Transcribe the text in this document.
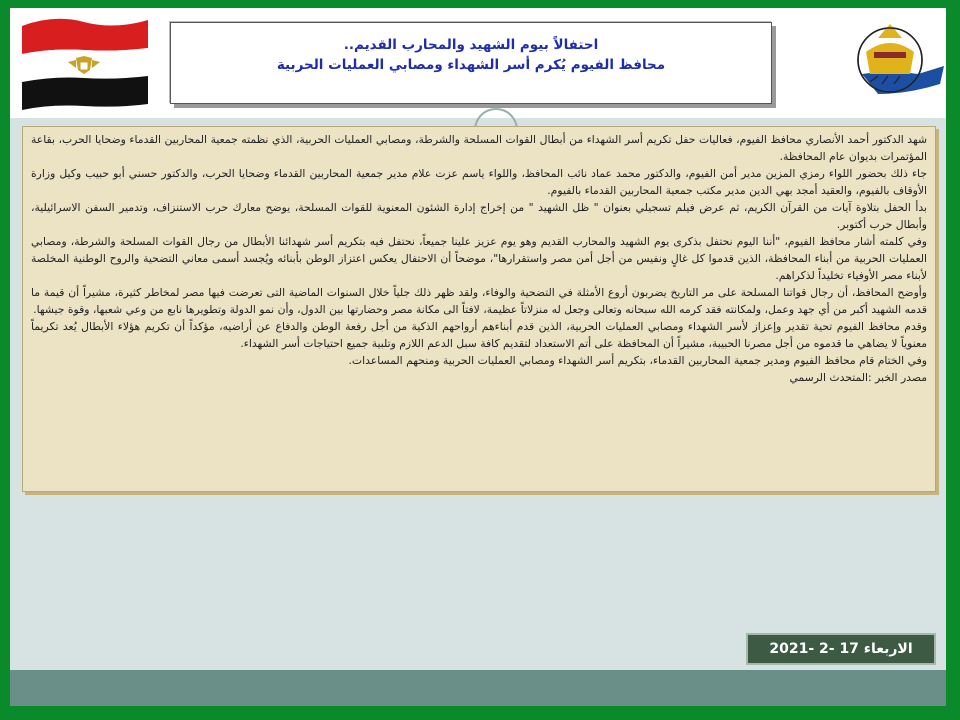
احتفالاً بيوم الشهيد والمحارب القديم..
محافظ الفيوم يُكرم أسر الشهداء ومصابي العمليات الحربية

شهد الدكتور أحمد الأنصاري محافظ الفيوم، فعاليات حفل تكريم أسر الشهداء من أبطال القوات المسلحة والشرطة، ومصابي العمليات الحربية، الذي نظمته جمعية المحاربين القدماء وضحايا الحرب، بقاعة المؤتمرات بديوان عام المحافظة.

جاء ذلك بحضور اللواء رمزي المزين مدير أمن الفيوم، والدكتور محمد عماد نائب المحافظ، واللواء ياسم عزت علام مدير جمعية المحاربين القدماء وضحايا الحرب، والدكتور حسني أبو حبيب وكيل وزارة الأوقاف بالفيوم، والعقيد أمجد بهي الدين مدير مكتب جمعية المحاربين القدماء بالفيوم.

بدأ الحفل بتلاوة آيات من القرآن الكريم، ثم عرض فيلم تسجيلي بعنوان " ظل الشهيد " من إخراج إدارة الشئون المعنوية للقوات المسلحة، يوضح معارك حرب الاستنزاف، وتدمير السفن الاسرائيلية، وأبطال حرب أكتوبر.

وفي كلمته أشار محافظ الفيوم، "أننا اليوم نحتفل بذكرى يوم الشهيد والمحارب القديم وهو يوم عزيز علينا جميعاً، نحتفل فيه بتكريم أسر شهدائنا الأبطال من رجال القوات المسلحة والشرطة، ومصابي العمليات الحربية من أبناء المحافظة، الذين قدموا كل غالٍ ونفيس من أجل أمن مصر واستقرارها"، موضحاً أن الاحتفال يعكس اعتزاز الوطن بأبنائه ويُجسد أسمى معاني التضحية والروح الوطنية المخلصة لأبناء مصر الأوفياء تخليداً لذكراهم.

وأوضح المحافظ، أن رجال قواتنا المسلحة على مر التاريخ يضربون أروع الأمثلة في التضحية والوفاء، ولقد ظهر ذلك جلياً خلال السنوات الماضية التى تعرضت فيها مصر لمخاطر كثيرة، مشيراً أن قيمة ما قدمه الشهيد أكبر من أي جهد وعمل، ولمكانته فقد كرمه الله سبحانه وتعالى وجعل له منزلاتاً عظيمة، لافتاً الى مكانة مصر وحضارتها بين الدول، وأن نمو الدولة وتطويرها نابع من وعي شعبها، وقوة جيشها.

وقدم محافظ الفيوم تحية تقدير وإعزاز لأسر الشهداء ومصابي العمليات الحربية، الذين قدم أبناءهم أرواحهم الذكية من أجل رفعة الوطن والدفاع عن أراضيه، مؤكداً أن تكريم هؤلاء الأبطال يُعد تكريماً معنوياً لا يضاهي ما قدموه من أجل مصرنا الحبيبة، مشيراً أن المحافظة على أتم الاستعداد لتقديم كافة سبل الدعم اللازم وتلبية جميع احتياجات أسر الشهداء.

وفي الختام قام محافظ الفيوم ومدير جمعية المحاربين القدماء، بتكريم أسر الشهداء ومصابي العمليات الحربية ومنحهم المساعدات.

مصدر الخبر :المتحدث الرسمي

الاربعاء 17 -2 -2021
